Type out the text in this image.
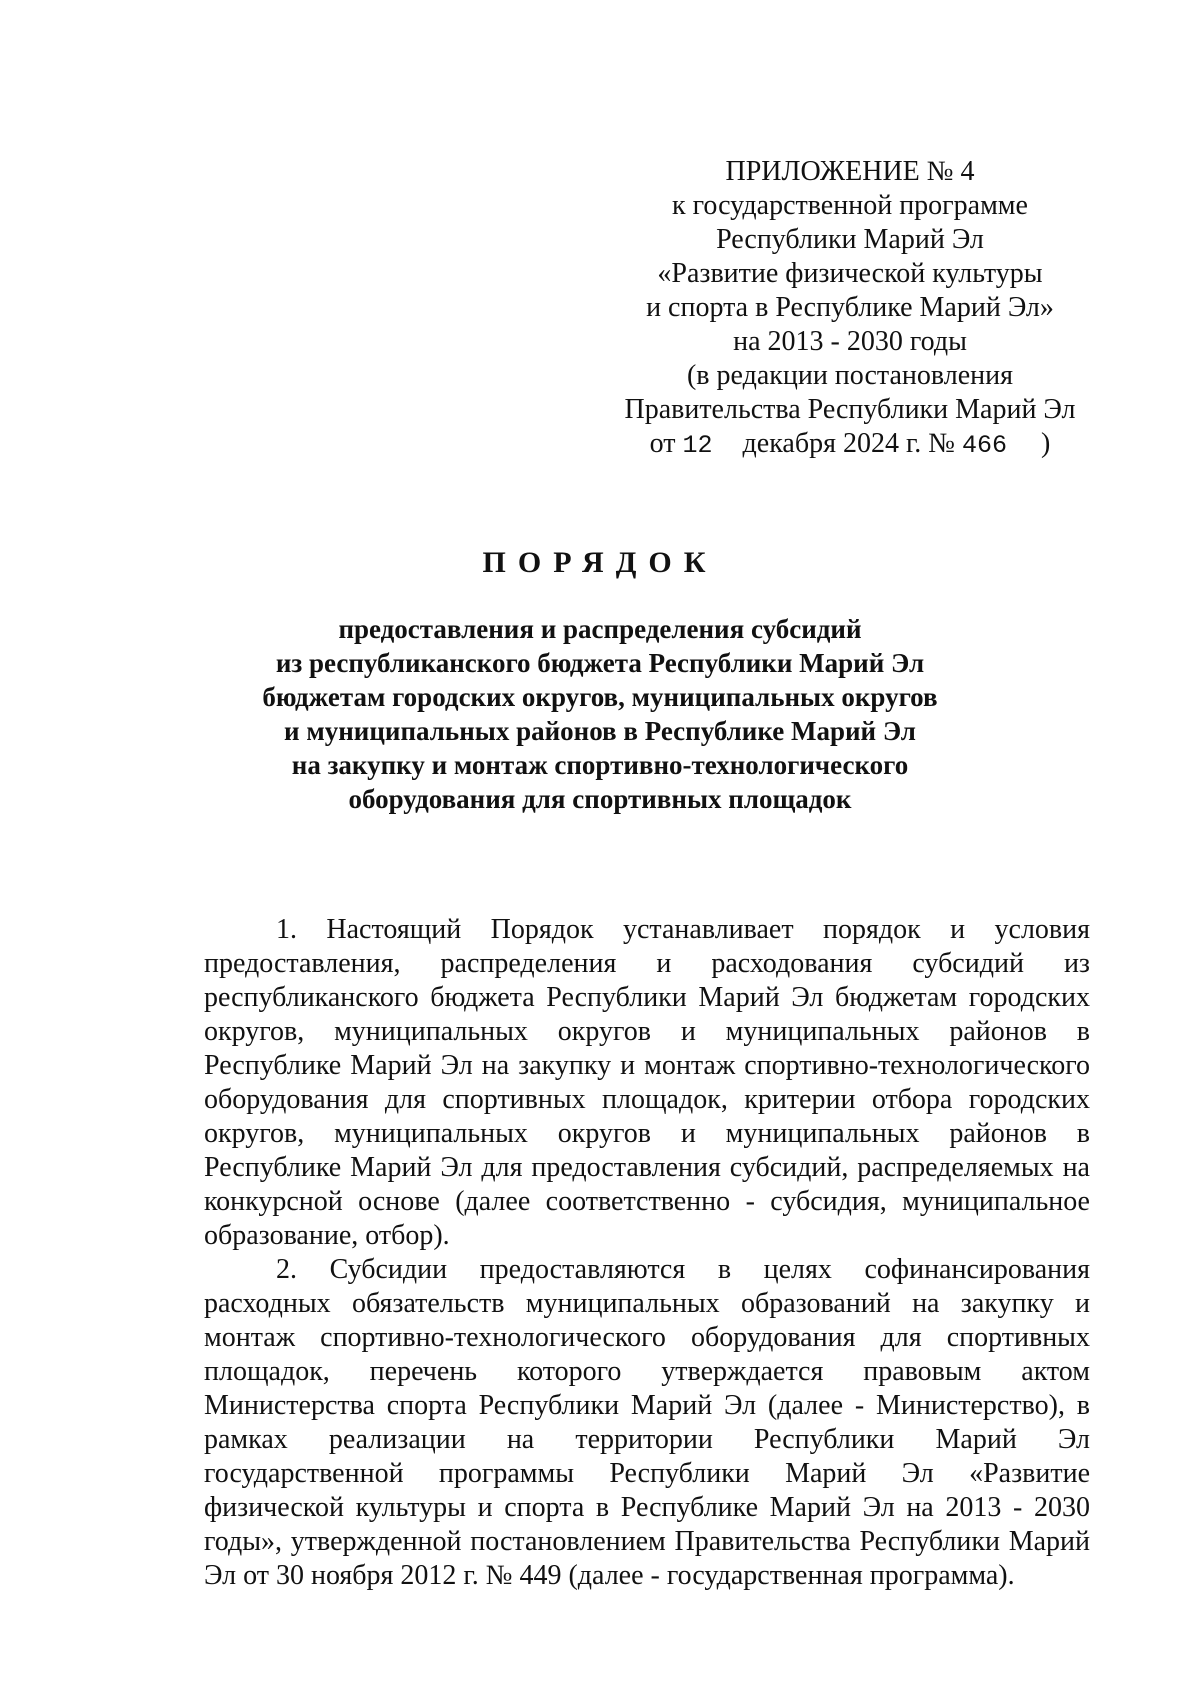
ПРИЛОЖЕНИЕ № 4
к государственной программе
Республики Марий Эл
«Развитие физической культуры
и спорта в Республике Марий Эл»
на 2013 - 2030 годы
(в редакции постановления
Правительства Республики Марий Эл
от 12 декабря 2024 г. № 466 )
ПОРЯДОК
предоставления и распределения субсидий
из республиканского бюджета Республики Марий Эл
бюджетам городских округов, муниципальных округов
и муниципальных районов в Республике Марий Эл
на закупку и монтаж спортивно-технологического
оборудования для спортивных площадок

1. Настоящий Порядок устанавливает порядок и условия предоставления, распределения и расходования субсидий из республиканского бюджета Республики Марий Эл бюджетам городских округов, муниципальных округов и муниципальных районов в Республике Марий Эл на закупку и монтаж спортивно-технологического оборудования для спортивных площадок, критерии отбора городских округов, муниципальных округов и муниципальных районов в Республике Марий Эл для предоставления субсидий, распределяемых на конкурсной основе (далее соответственно - субсидия, муниципальное образование, отбор).

2. Субсидии предоставляются в целях софинансирования расходных обязательств муниципальных образований на закупку и монтаж спортивно-технологического оборудования для спортивных площадок, перечень которого утверждается правовым актом Министерства спорта Республики Марий Эл (далее - Министерство), в рамках реализации на территории Республики Марий Эл государственной программы Республики Марий Эл «Развитие физической культуры и спорта в Республике Марий Эл на 2013 - 2030 годы», утвержденной постановлением Правительства Республики Марий Эл от 30 ноября 2012 г. № 449 (далее - государственная программа).
